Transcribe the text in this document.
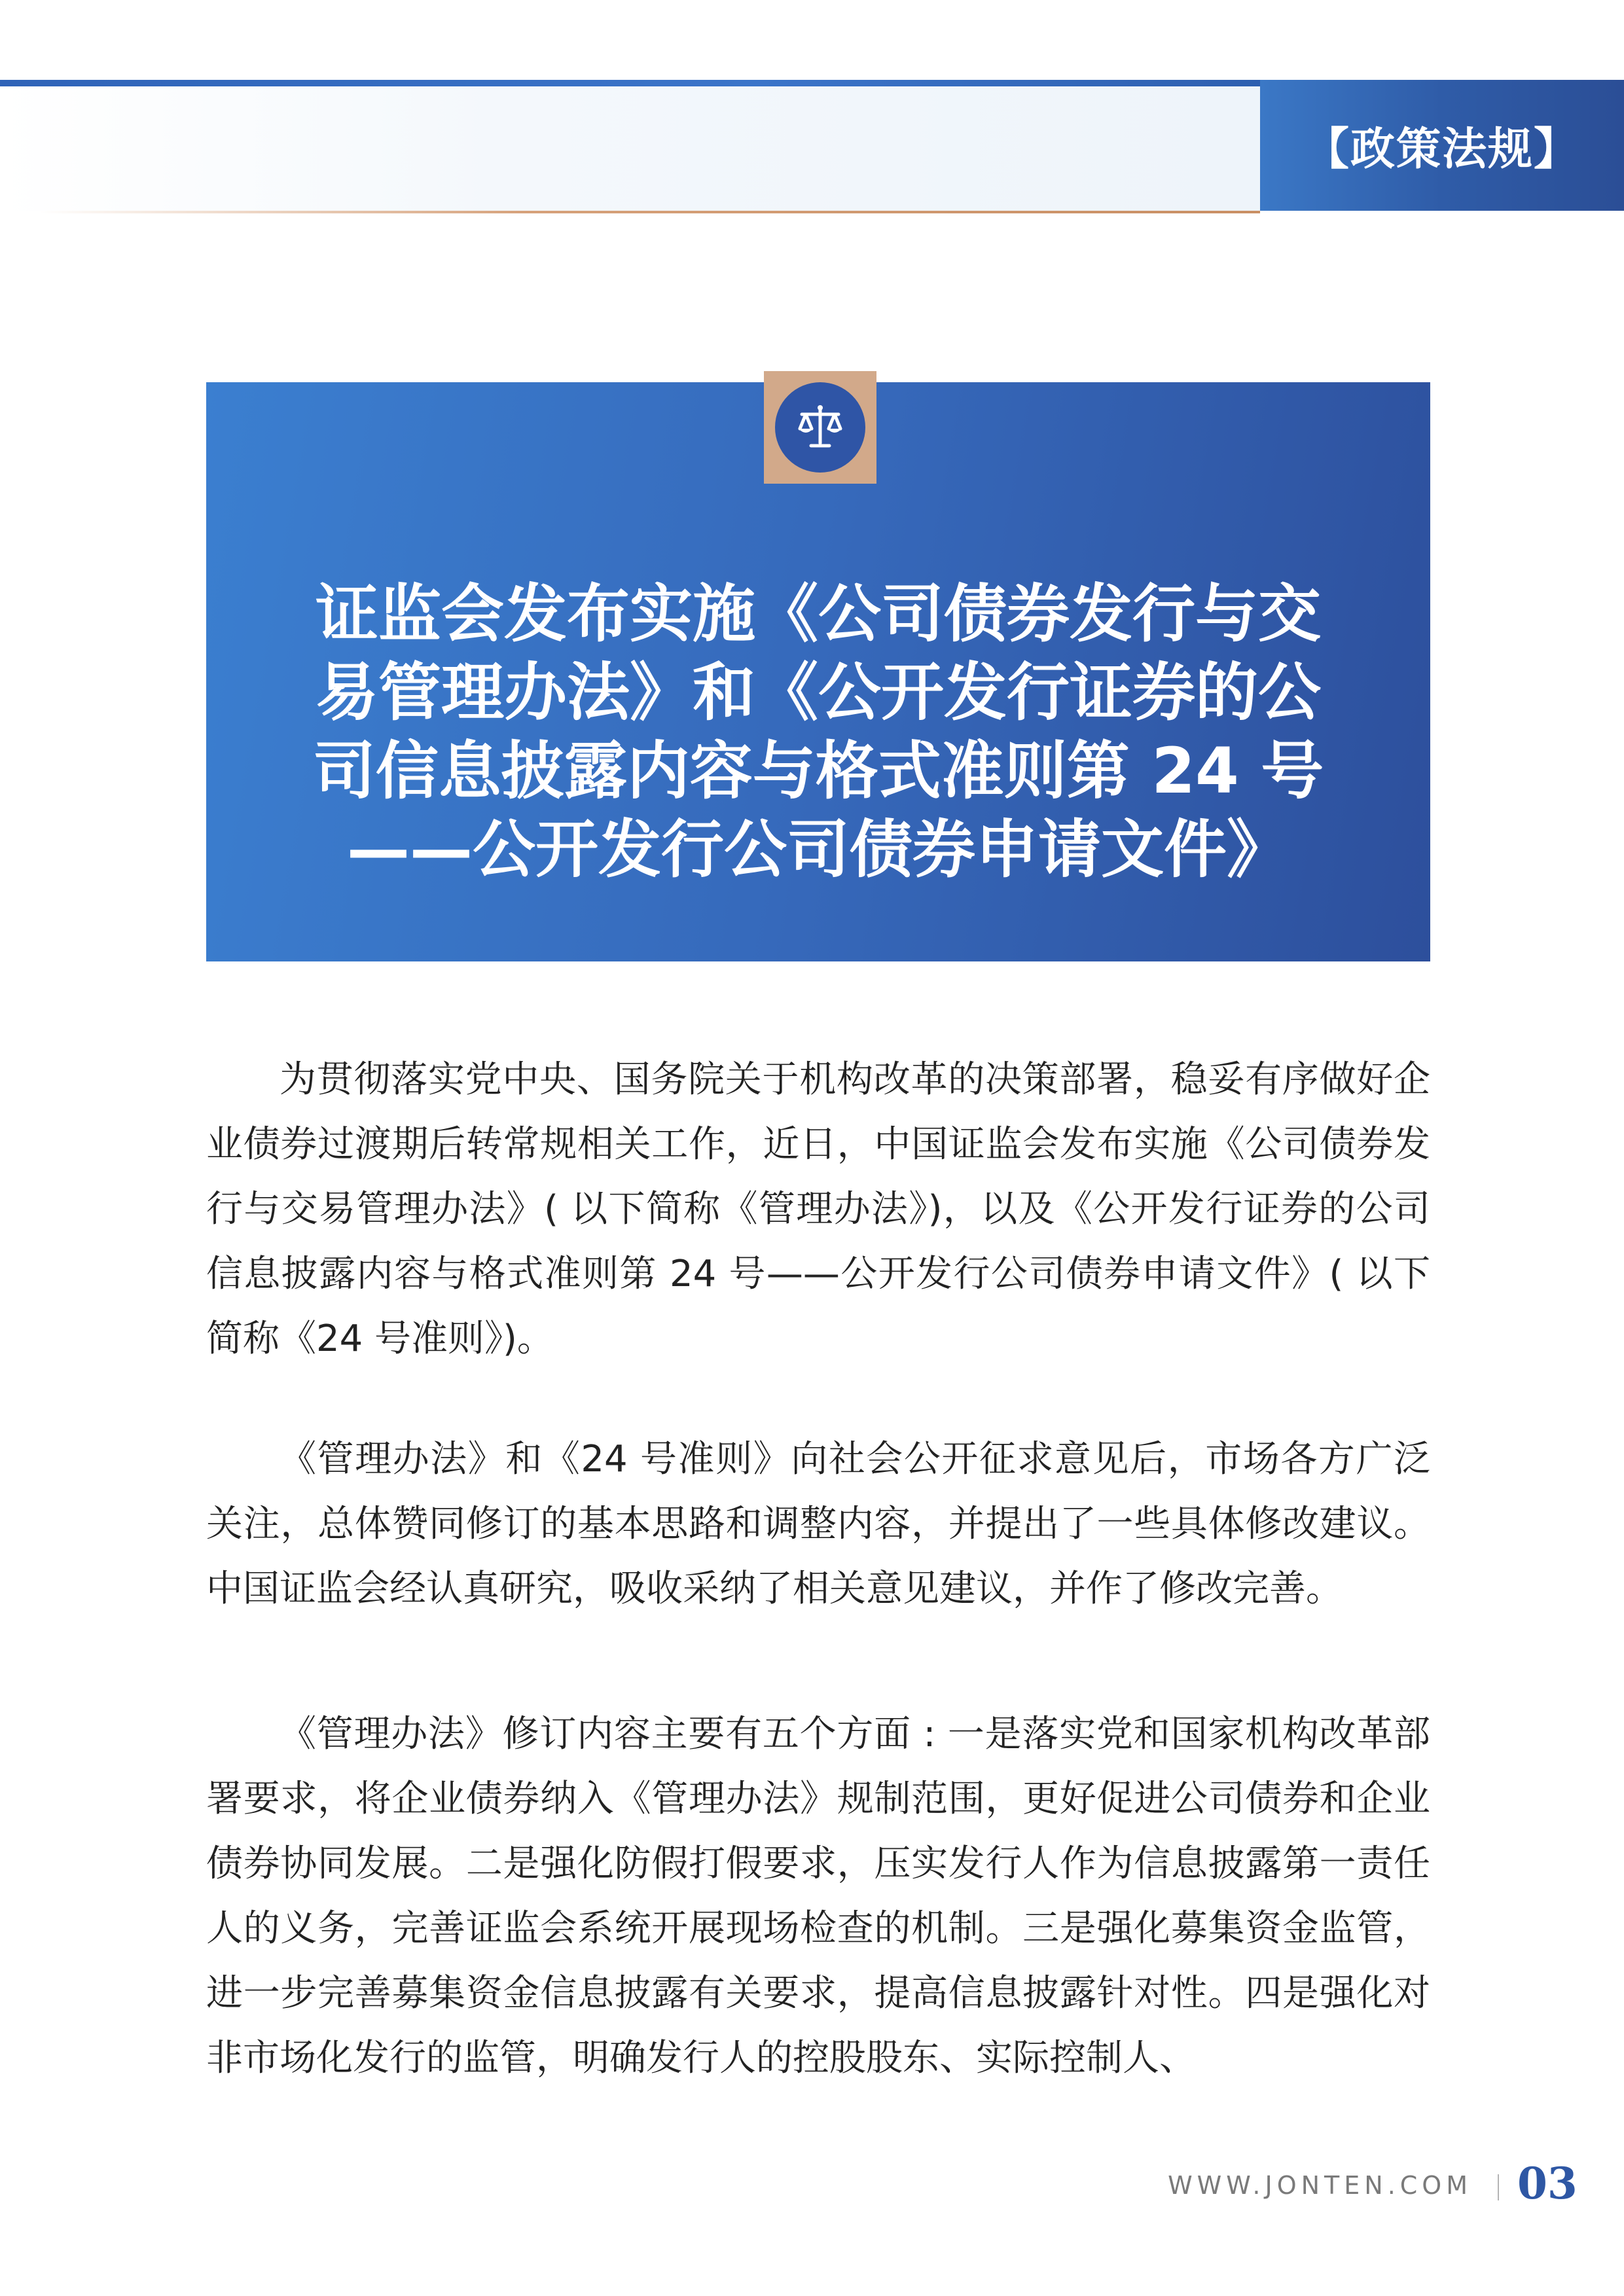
【政策法规】
证监会发布实施《公司债券发行与交
易管理办法》和《公开发行证券的公
司信息披露内容与格式准则第 24 号
——公开发行公司债券申请文件》

为贯彻落实党中央、国务院关于机构改革的决策部署，稳妥有序做好企业债券过渡期后转常规相关工作，近日，中国证监会发布实施《公司债券发行与交易管理办法》( 以下简称《管理办法》)，以及《公开发行证券的公司信息披露内容与格式准则第 24 号——公开发行公司债券申请文件》( 以下简称《24 号准则》)。

《管理办法》和《24 号准则》向社会公开征求意见后，市场各方广泛关注，总体赞同修订的基本思路和调整内容，并提出了一些具体修改建议。中国证监会经认真研究，吸收采纳了相关意见建议，并作了修改完善。

《管理办法》修订内容主要有五个方面 : 一是落实党和国家机构改革部署要求，将企业债券纳入《管理办法》规制范围，更好促进公司债券和企业债券协同发展。二是强化防假打假要求，压实发行人作为信息披露第一责任人的义务，完善证监会系统开展现场检查的机制。三是强化募集资金监管，进一步完善募集资金信息披露有关要求，提高信息披露针对性。四是强化对非市场化发行的监管，明确发行人的控股股东、实际控制人、

WWW.JONTEN.COM 03
